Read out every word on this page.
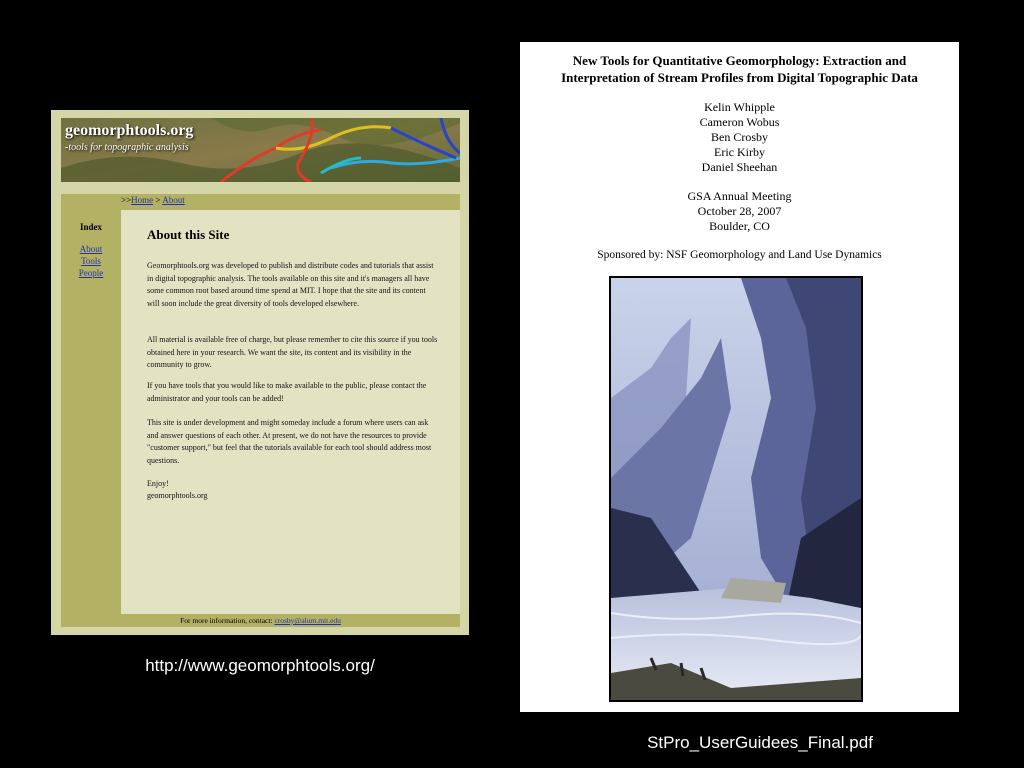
geomorphtools.org
-tools for topographic analysis
>>Home > About
Index
About
Tools
People
About this Site

Geomorphtools.org was developed to publish and distribute codes and tutorials that assist in digital topographic analysis. The tools available on this site and it's managers all have some common root based around time spend at MIT. I hope that the site and its content will soon include the great diversity of tools developed elsewhere.

All material is available free of charge, but please remember to cite this source if you tools obtained here in your research. We want the site, its content and its visibility in the community to grow.

If you have tools that you would like to make available to the public, please contact the administrator and your tools can be added!

This site is under development and might someday include a forum where users can ask and answer questions of each other. At present, we do not have the resources to provide "customer support," but feel that the tutorials available for each tool should address most questions.

Enjoy!

geomorphtools.org

For more information, contact: crosby@alum.mit.edu
http://www.geomorphtools.org/
New Tools for Quantitative Geomorphology: Extraction and
Interpretation of Stream Profiles from Digital Topographic Data
Kelin Whipple
Cameron Wobus
Ben Crosby
Eric Kirby
Daniel Sheehan
GSA Annual Meeting
October 28, 2007
Boulder, CO
Sponsored by: NSF Geomorphology and Land Use Dynamics
StPro_UserGuidees_Final.pdf
